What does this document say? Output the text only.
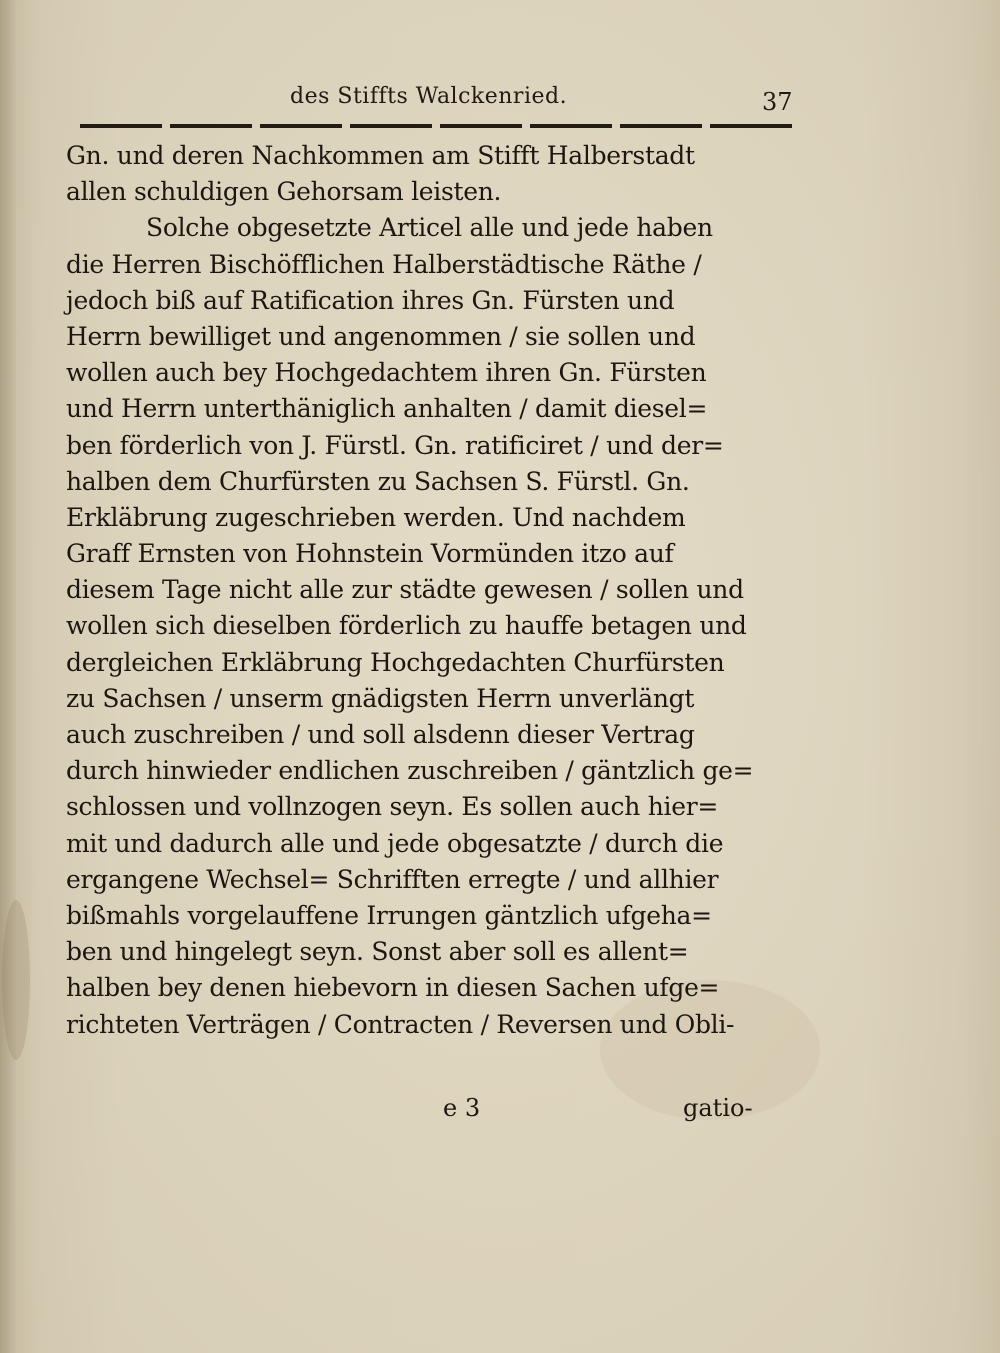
des Stiffts Walckenried.	37
Gn. und deren Nachkommen am Stifft Halberstadt
allen schuldigen Gehorsam leisten.
Solche obgesetzte Articel alle und jede haben
die Herren Bischöfflichen Halberstädtische Räthe /
jedoch biß auf Ratification ihres Gn. Fürsten und
Herrn bewilliget und angenommen / sie sollen und
wollen auch bey Hochgedachtem ihren Gn. Fürsten
und Herrn unterthäniglich anhalten / damit diesel=
ben förderlich von J. Fürstl. Gn. ratificiret / und der=
halben dem Churfürsten zu Sachsen S. Fürstl. Gn.
Erkläbrung zugeschrieben werden. Und nachdem
Graff Ernsten von Hohnstein Vormünden itzo auf
diesem Tage nicht alle zur städte gewesen / sollen und
wollen sich dieselben förderlich zu hauffe betagen und
dergleichen Erkläbrung Hochgedachten Churfürsten
zu Sachsen / unserm gnädigsten Herrn unverlängt
auch zuschreiben / und soll alsdenn dieser Vertrag
durch hinwieder endlichen zuschreiben / gäntzlich ge=
schlossen und vollnzogen seyn. Es sollen auch hier=
mit und dadurch alle und jede obgesatzte / durch die
ergangene Wechsel= Schrifften erregte / und allhier
bißmahls vorgelauffene Irrungen gäntzlich ufgeha=
ben und hingelegt seyn. Sonst aber soll es allent=
halben bey denen hiebevorn in diesen Sachen ufge=
richteten Verträgen / Contracten / Reversen und Obli-
e 3	gatio-
